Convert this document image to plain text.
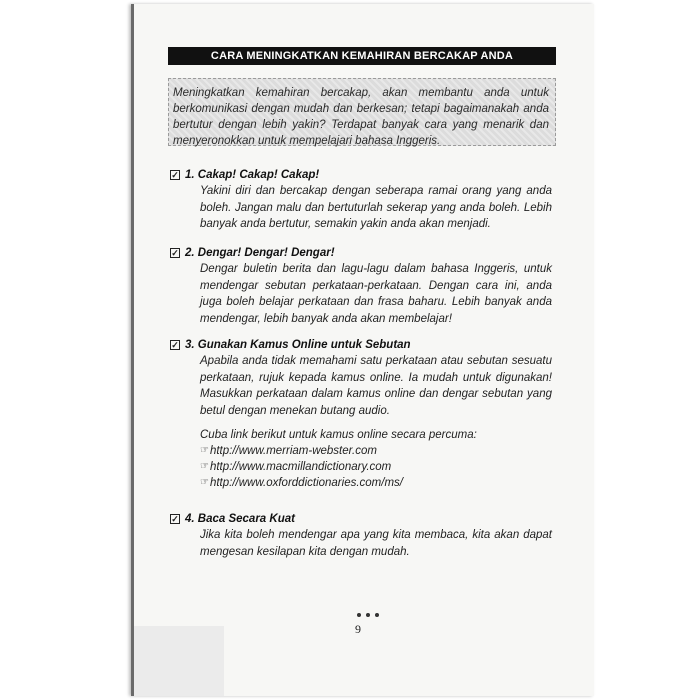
CARA MENINGKATKAN KEMAHIRAN BERCAKAP ANDA
Meningkatkan kemahiran bercakap, akan membantu anda untuk berkomunikasi dengan mudah dan berkesan; tetapi bagaimanakah anda bertutur dengan lebih yakin? Terdapat banyak cara yang menarik dan menyeronokkan untuk mempelajari bahasa Inggeris.
✓ 1. Cakap! Cakap! Cakap!
Yakini diri dan bercakap dengan seberapa ramai orang yang anda boleh. Jangan malu dan bertuturlah sekerap yang anda boleh. Lebih banyak anda bertutur, semakin yakin anda akan menjadi.
✓ 2. Dengar! Dengar! Dengar!
Dengar buletin berita dan lagu-lagu dalam bahasa Inggeris, untuk mendengar sebutan perkataan-perkataan. Dengan cara ini, anda juga boleh belajar perkataan dan frasa baharu. Lebih banyak anda mendengar, lebih banyak anda akan membelajar!
✓ 3. Gunakan Kamus Online untuk Sebutan
Apabila anda tidak memahami satu perkataan atau sebutan sesuatu perkataan, rujuk kepada kamus online. Ia mudah untuk digunakan! Masukkan perkataan dalam kamus online dan dengar sebutan yang betul dengan menekan butang audio.
Cuba link berikut untuk kamus online secara percuma:
☞ http://www.merriam-webster.com
☞ http://www.macmillandictionary.com
☞ http://www.oxforddictionaries.com/ms/
✓ 4. Baca Secara Kuat
Jika kita boleh mendengar apa yang kita membaca, kita akan dapat mengesan kesilapan kita dengan mudah.
9
